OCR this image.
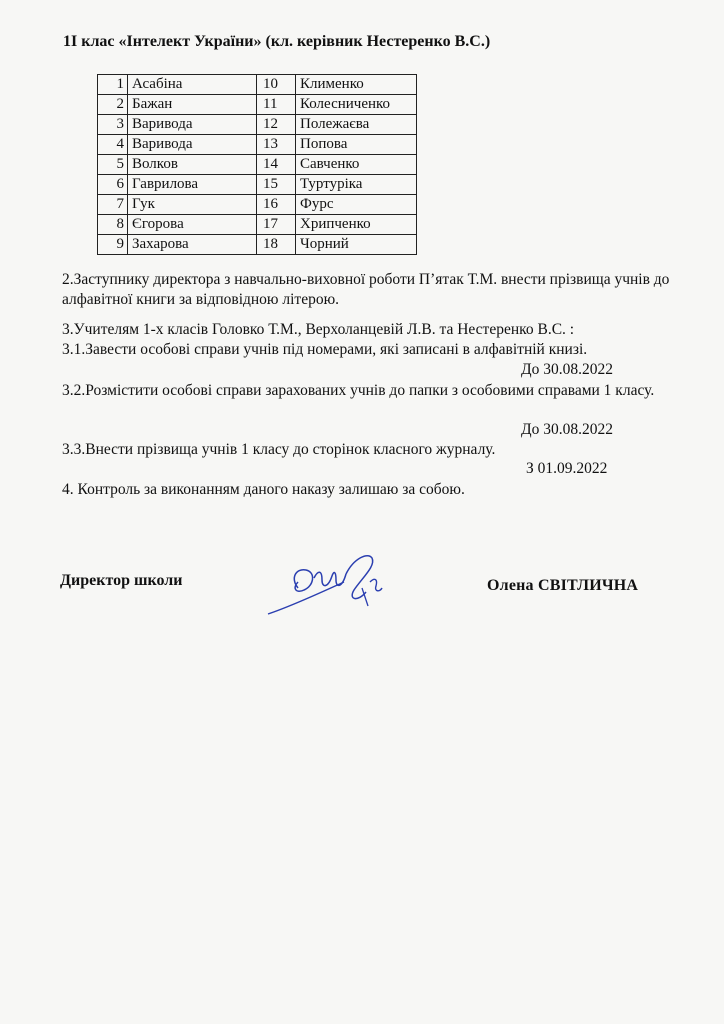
1І клас «Інтелект України» (кл. керівник Нестеренко В.С.)
1	Асабіна	10	Клименко
2	Бажан	11	Колесниченко
3	Варивода	12	Полежаєва
4	Варивода	13	Попова
5	Волков	14	Савченко
6	Гаврилова	15	Туртуріка
7	Гук	16	Фурс
8	Єгорова	17	Хрипченко
9	Захарова	18	Чорний
2.Заступнику директора з навчально-виховної роботи П’ятак Т.М. внести прізвища учнів до алфавітної книги за відповідною літерою.
3.Учителям 1-х класів Головко Т.М., Верхоланцевій Л.В. та Нестеренко В.С. :
3.1.Завести особові справи учнів під номерами, які записані в алфавітній книзі.
До 30.08.2022
3.2.Розмістити особові справи зарахованих учнів до папки з особовими справами 1 класу.
До 30.08.2022
3.3.Внести прізвища учнів 1 класу до сторінок класного журналу.
З 01.09.2022
4. Контроль за виконанням даного наказу залишаю за собою.
Директор школи	Олена СВІТЛИЧНА
